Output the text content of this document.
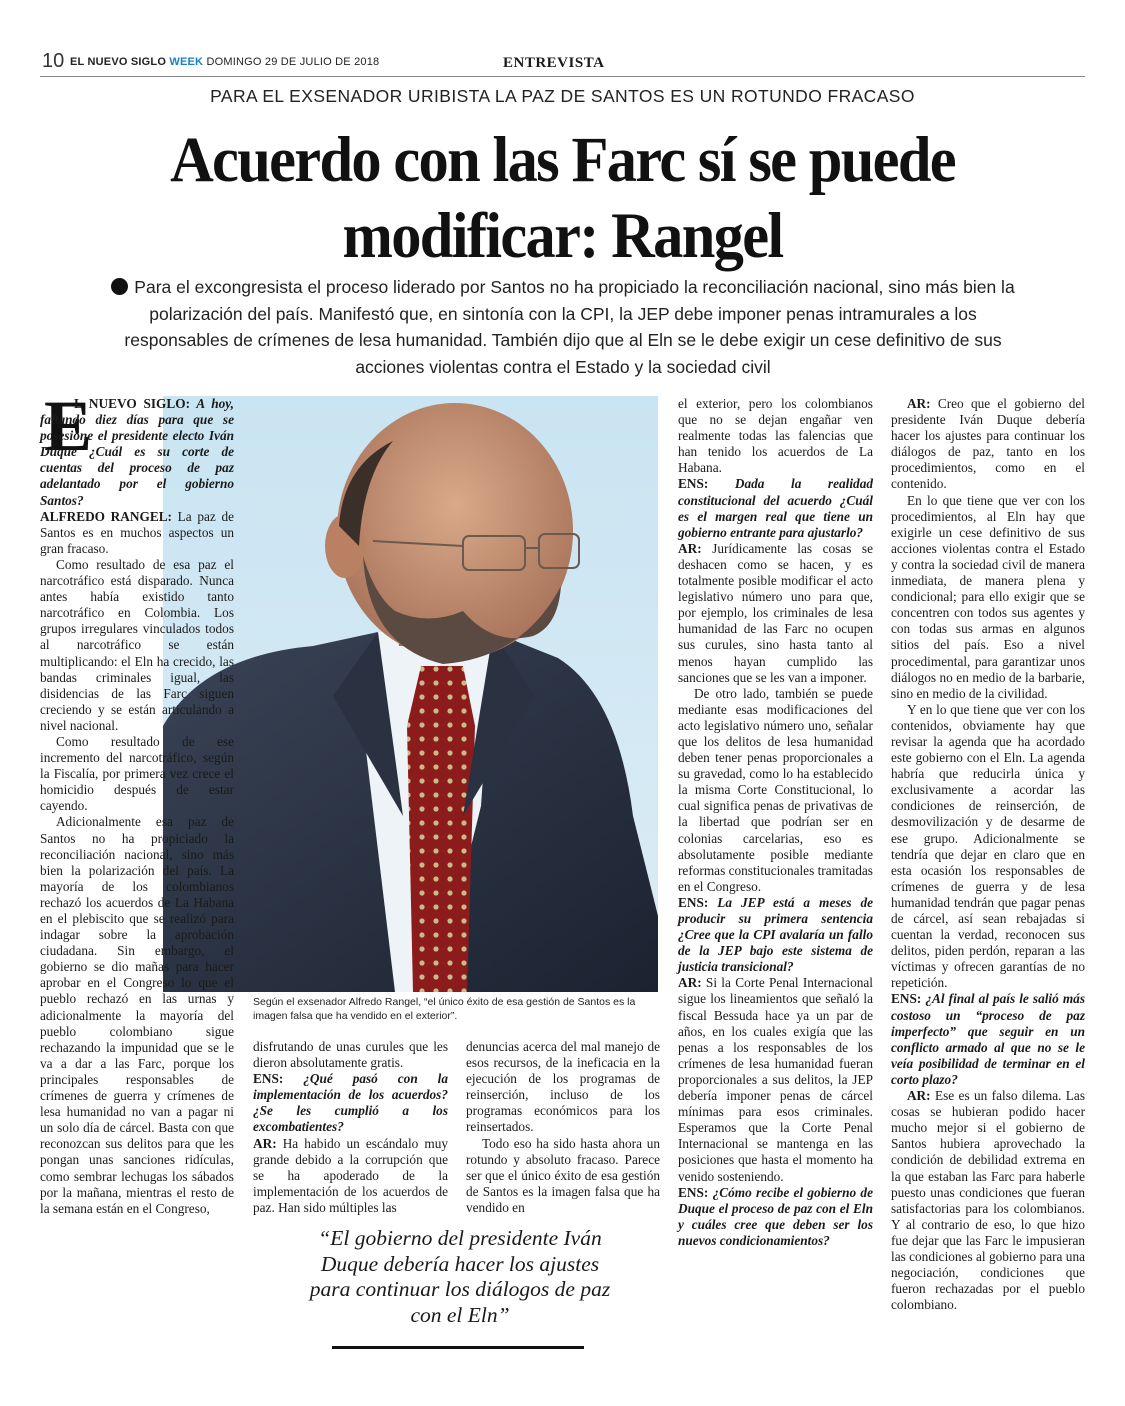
10 EL NUEVO SIGLO WEEK DOMINGO 29 DE JULIO DE 2018	ENTREVISTA
PARA EL EXSENADOR URIBISTA LA PAZ DE SANTOS ES UN ROTUNDO FRACASO
Acuerdo con las Farc sí se puede modificar: Rangel
Para el excongresista el proceso liderado por Santos no ha propiciado la reconciliación nacional, sino más bien la polarización del país. Manifestó que, en sintonía con la CPI, la JEP debe imponer penas intramurales a los responsables de crímenes de lesa humanidad. También dijo que al Eln se le debe exigir un cese definitivo de sus acciones violentas contra el Estado y la sociedad civil
E

L NUEVO SIGLO: A hoy, faltando diez días para que se posesione el presidente electo Iván Duque ¿Cuál es su corte de cuentas del proceso de paz adelantado por el gobierno Santos?

ALFREDO RANGEL: La paz de Santos es en muchos aspectos un gran fracaso.

Como resultado de esa paz el narcotráfico está disparado. Nunca antes había existido tanto narcotráfico en Colombia. Los grupos irregulares vinculados todos al narcotráfico se están multiplicando: el Eln ha crecido, las bandas criminales igual, las disidencias de las Farc siguen creciendo y se están articulando a nivel nacional.

Como resultado de ese incremento del narcotráfico, según la Fiscalía, por primera vez crece el homicidio después de estar cayendo.

Adicionalmente esa paz de Santos no ha propiciado la reconciliación nacional, sino más bien la polarización del país. La mayoría de los colombianos rechazó los acuerdos de La Habana en el plebiscito que se realizó para indagar sobre la aprobación ciudadana. Sin embargo, el gobierno se dio mañas para hacer aprobar en el Congreso lo que el pueblo rechazó en las urnas y adicionalmente la mayoría del pueblo colombiano sigue rechazando la impunidad que se le va a dar a las Farc, porque los principales responsables de crímenes de guerra y crímenes de lesa humanidad no van a pagar ni un solo día de cárcel. Basta con que reconozcan sus delitos para que les pongan unas sanciones ridículas, como sembrar lechugas los sábados por la mañana, mientras el resto de la semana están en el Congreso,

Según el exsenador Alfredo Rangel, “el único éxito de esa gestión de Santos es la imagen falsa que ha vendido en el exterior”.

disfrutando de unas curules que les dieron absolutamente gratis.

ENS: ¿Qué pasó con la implementación de los acuerdos? ¿Se les cumplió a los excombatientes?

AR: Ha habido un escándalo muy grande debido a la corrupción que se ha apoderado de la implementación de los acuerdos de paz. Han sido múltiples las

denuncias acerca del mal manejo de esos recursos, de la ineficacia en la ejecución de los programas de reinserción, incluso de los programas económicos para los reinsertados.

Todo eso ha sido hasta ahora un rotundo y absoluto fracaso. Parece ser que el único éxito de esa gestión de Santos es la imagen falsa que ha vendido en

“El gobierno del presidente Iván Duque debería hacer los ajustes para continuar los diálogos de paz con el Eln”

el exterior, pero los colombianos que no se dejan engañar ven realmente todas las falencias que han tenido los acuerdos de La Habana.

ENS: Dada la realidad constitucional del acuerdo ¿Cuál es el margen real que tiene un gobierno entrante para ajustarlo?

AR: Jurídicamente las cosas se deshacen como se hacen, y es totalmente posible modificar el acto legislativo número uno para que, por ejemplo, los criminales de lesa humanidad de las Farc no ocupen sus curules, sino hasta tanto al menos hayan cumplido las sanciones que se les van a imponer.

De otro lado, también se puede mediante esas modificaciones del acto legislativo número uno, señalar que los delitos de lesa humanidad deben tener penas proporcionales a su gravedad, como lo ha establecido la misma Corte Constitucional, lo cual significa penas de privativas de la libertad que podrían ser en colonias carcelarias, eso es absolutamente posible mediante reformas constitucionales tramitadas en el Congreso.

ENS: La JEP está a meses de producir su primera sentencia ¿Cree que la CPI avalaría un fallo de la JEP bajo este sistema de justicia transicional?

AR: Si la Corte Penal Internacional sigue los lineamientos que señaló la fiscal Bessuda hace ya un par de años, en los cuales exigía que las penas a los responsables de los crímenes de lesa humanidad fueran proporcionales a sus delitos, la JEP debería imponer penas de cárcel mínimas para esos criminales. Esperamos que la Corte Penal Internacional se mantenga en las posiciones que hasta el momento ha venido sosteniendo.

ENS: ¿Cómo recibe el gobierno de Duque el proceso de paz con el Eln y cuáles cree que deben ser los nuevos condicionamientos?

AR: Creo que el gobierno del presidente Iván Duque debería hacer los ajustes para continuar los diálogos de paz, tanto en los procedimientos, como en el contenido.

En lo que tiene que ver con los procedimientos, al Eln hay que exigirle un cese definitivo de sus acciones violentas contra el Estado y contra la sociedad civil de manera inmediata, de manera plena y condicional; para ello exigir que se concentren con todos sus agentes y con todas sus armas en algunos sitios del país. Eso a nivel procedimental, para garantizar unos diálogos no en medio de la barbarie, sino en medio de la civilidad.

Y en lo que tiene que ver con los contenidos, obviamente hay que revisar la agenda que ha acordado este gobierno con el Eln. La agenda habría que reducirla única y exclusivamente a acordar las condiciones de reinserción, de desmovilización y de desarme de ese grupo. Adicionalmente se tendría que dejar en claro que en esta ocasión los responsables de crímenes de guerra y de lesa humanidad tendrán que pagar penas de cárcel, así sean rebajadas si cuentan la verdad, reconocen sus delitos, piden perdón, reparan a las víctimas y ofrecen garantías de no repetición.

ENS: ¿Al final al país le salió más costoso un “proceso de paz imperfecto” que seguir en un conflicto armado al que no se le veía posibilidad de terminar en el corto plazo?

AR: Ese es un falso dilema. Las cosas se hubieran podido hacer mucho mejor si el gobierno de Santos hubiera aprovechado la condición de debilidad extrema en la que estaban las Farc para haberle puesto unas condiciones que fueran satisfactorias para los colombianos. Y al contrario de eso, lo que hizo fue dejar que las Farc le impusieran las condiciones al gobierno para una negociación, condiciones que fueron rechazadas por el pueblo colombiano.
